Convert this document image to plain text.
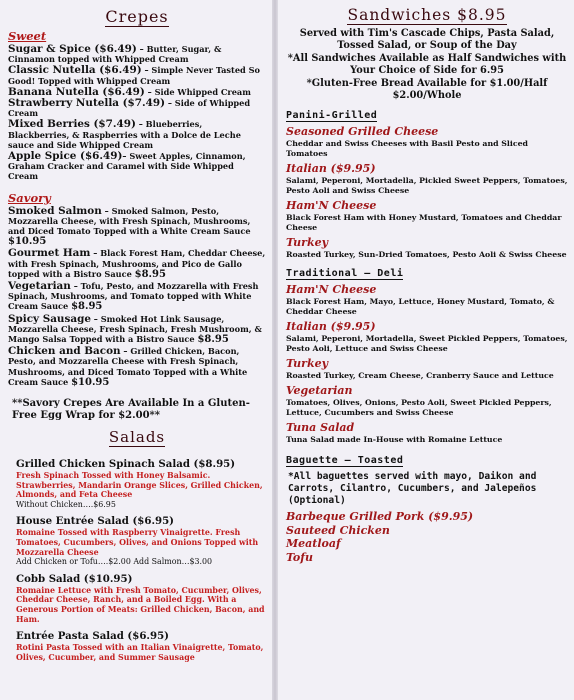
Crepes
Sweet
Sugar & Spice ($6.49) – Butter, Sugar, & Cinnamon topped with Whipped Cream
Classic Nutella ($6.49) – Simple Never Tasted So Good! Topped with Whipped Cream
Banana Nutella ($6.49) – Side Whipped Cream
Strawberry Nutella ($7.49) – Side of Whipped Cream
Mixed Berries ($7.49) – Blueberries, Blackberries, & Raspberries with a Dolce de Leche sauce and Side Whipped Cream
Apple Spice ($6.49)– Sweet Apples, Cinnamon, Graham Cracker and Caramel with Side Whipped Cream
Savory
Smoked Salmon – Smoked Salmon, Pesto, Mozzarella Cheese, with Fresh Spinach, Mushrooms, and Diced Tomato Topped with a White Cream Sauce $10.95
Gourmet Ham – Black Forest Ham, Cheddar Cheese, with Fresh Spinach, Mushrooms, and Pico de Gallo topped with a Bistro Sauce $8.95
Vegetarian – Tofu, Pesto, and Mozzarella with Fresh Spinach, Mushrooms, and Tomato topped with White Cream Sauce $8.95
Spicy Sausage – Smoked Hot Link Sausage, Mozzarella Cheese, Fresh Spinach, Fresh Mushroom, & Mango Salsa Topped with a Bistro Sauce $8.95
Chicken and Bacon – Grilled Chicken, Bacon, Pesto, and Mozzarella Cheese with Fresh Spinach, Mushrooms, and Diced Tomato Topped with a White Cream Sauce $10.95
**Savory Crepes Are Available In a Gluten-Free Egg Wrap for $2.00**
Salads
Grilled Chicken Spinach Salad ($8.95)
Fresh Spinach Tossed with Honey Balsamic. Strawberries, Mandarin Orange Slices, Grilled Chicken, Almonds, and Feta Cheese
Without Chicken….$6.95
House Entrée Salad ($6.95)
Romaine Tossed with Raspberry Vinaigrette. Fresh Tomatoes, Cucumbers, Olives, and Onions Topped with Mozzarella Cheese
Add Chicken or Tofu….$2.00 Add Salmon…$3.00
Cobb Salad ($10.95)
Romaine Lettuce with Fresh Tomato, Cucumber, Olives, Cheddar Cheese, Ranch, and a Boiled Egg. With a Generous Portion of Meats: Grilled Chicken, Bacon, and Ham.
Entrée Pasta Salad ($6.95)
Rotini Pasta Tossed with an Italian Vinaigrette, Tomato, Olives, Cucumber, and Summer Sausage
Sandwiches $8.95
Served with Tim's Cascade Chips, Pasta Salad, Tossed Salad, or Soup of the Day
*All Sandwiches Available as Half Sandwiches with Your Choice of Side for 6.95
*Gluten-Free Bread Available for $1.00/Half $2.00/Whole
Panini-Grilled
Seasoned Grilled Cheese
Cheddar and Swiss Cheeses with Basil Pesto and Sliced Tomatoes
Italian ($9.95)
Salami, Peperoni, Mortadella, Pickled Sweet Peppers, Tomatoes, Pesto Aoli and Swiss Cheese
Ham'N Cheese
Black Forest Ham with Honey Mustard, Tomatoes and Cheddar Cheese
Turkey
Roasted Turkey, Sun-Dried Tomatoes, Pesto Aoli & Swiss Cheese
Traditional – Deli
Ham'N Cheese
Black Forest Ham, Mayo, Lettuce, Honey Mustard, Tomato, & Cheddar Cheese
Italian ($9.95)
Salami, Peperoni, Mortadella, Sweet Pickled Peppers, Tomatoes, Pesto Aoli, Lettuce and Swiss Cheese
Turkey
Roasted Turkey, Cream Cheese, Cranberry Sauce and Lettuce
Vegetarian
Tomatoes, Olives, Onions, Pesto Aoli, Sweet Pickled Peppers, Lettuce, Cucumbers and Swiss Cheese
Tuna Salad
Tuna Salad made In-House with Romaine Lettuce
Baguette – Toasted
*All baguettes served with mayo, Daikon and Carrots, Cilantro, Cucumbers, and Jalepeños (Optional)
Barbeque Grilled Pork ($9.95)
Sauteed Chicken
Meatloaf
Tofu
